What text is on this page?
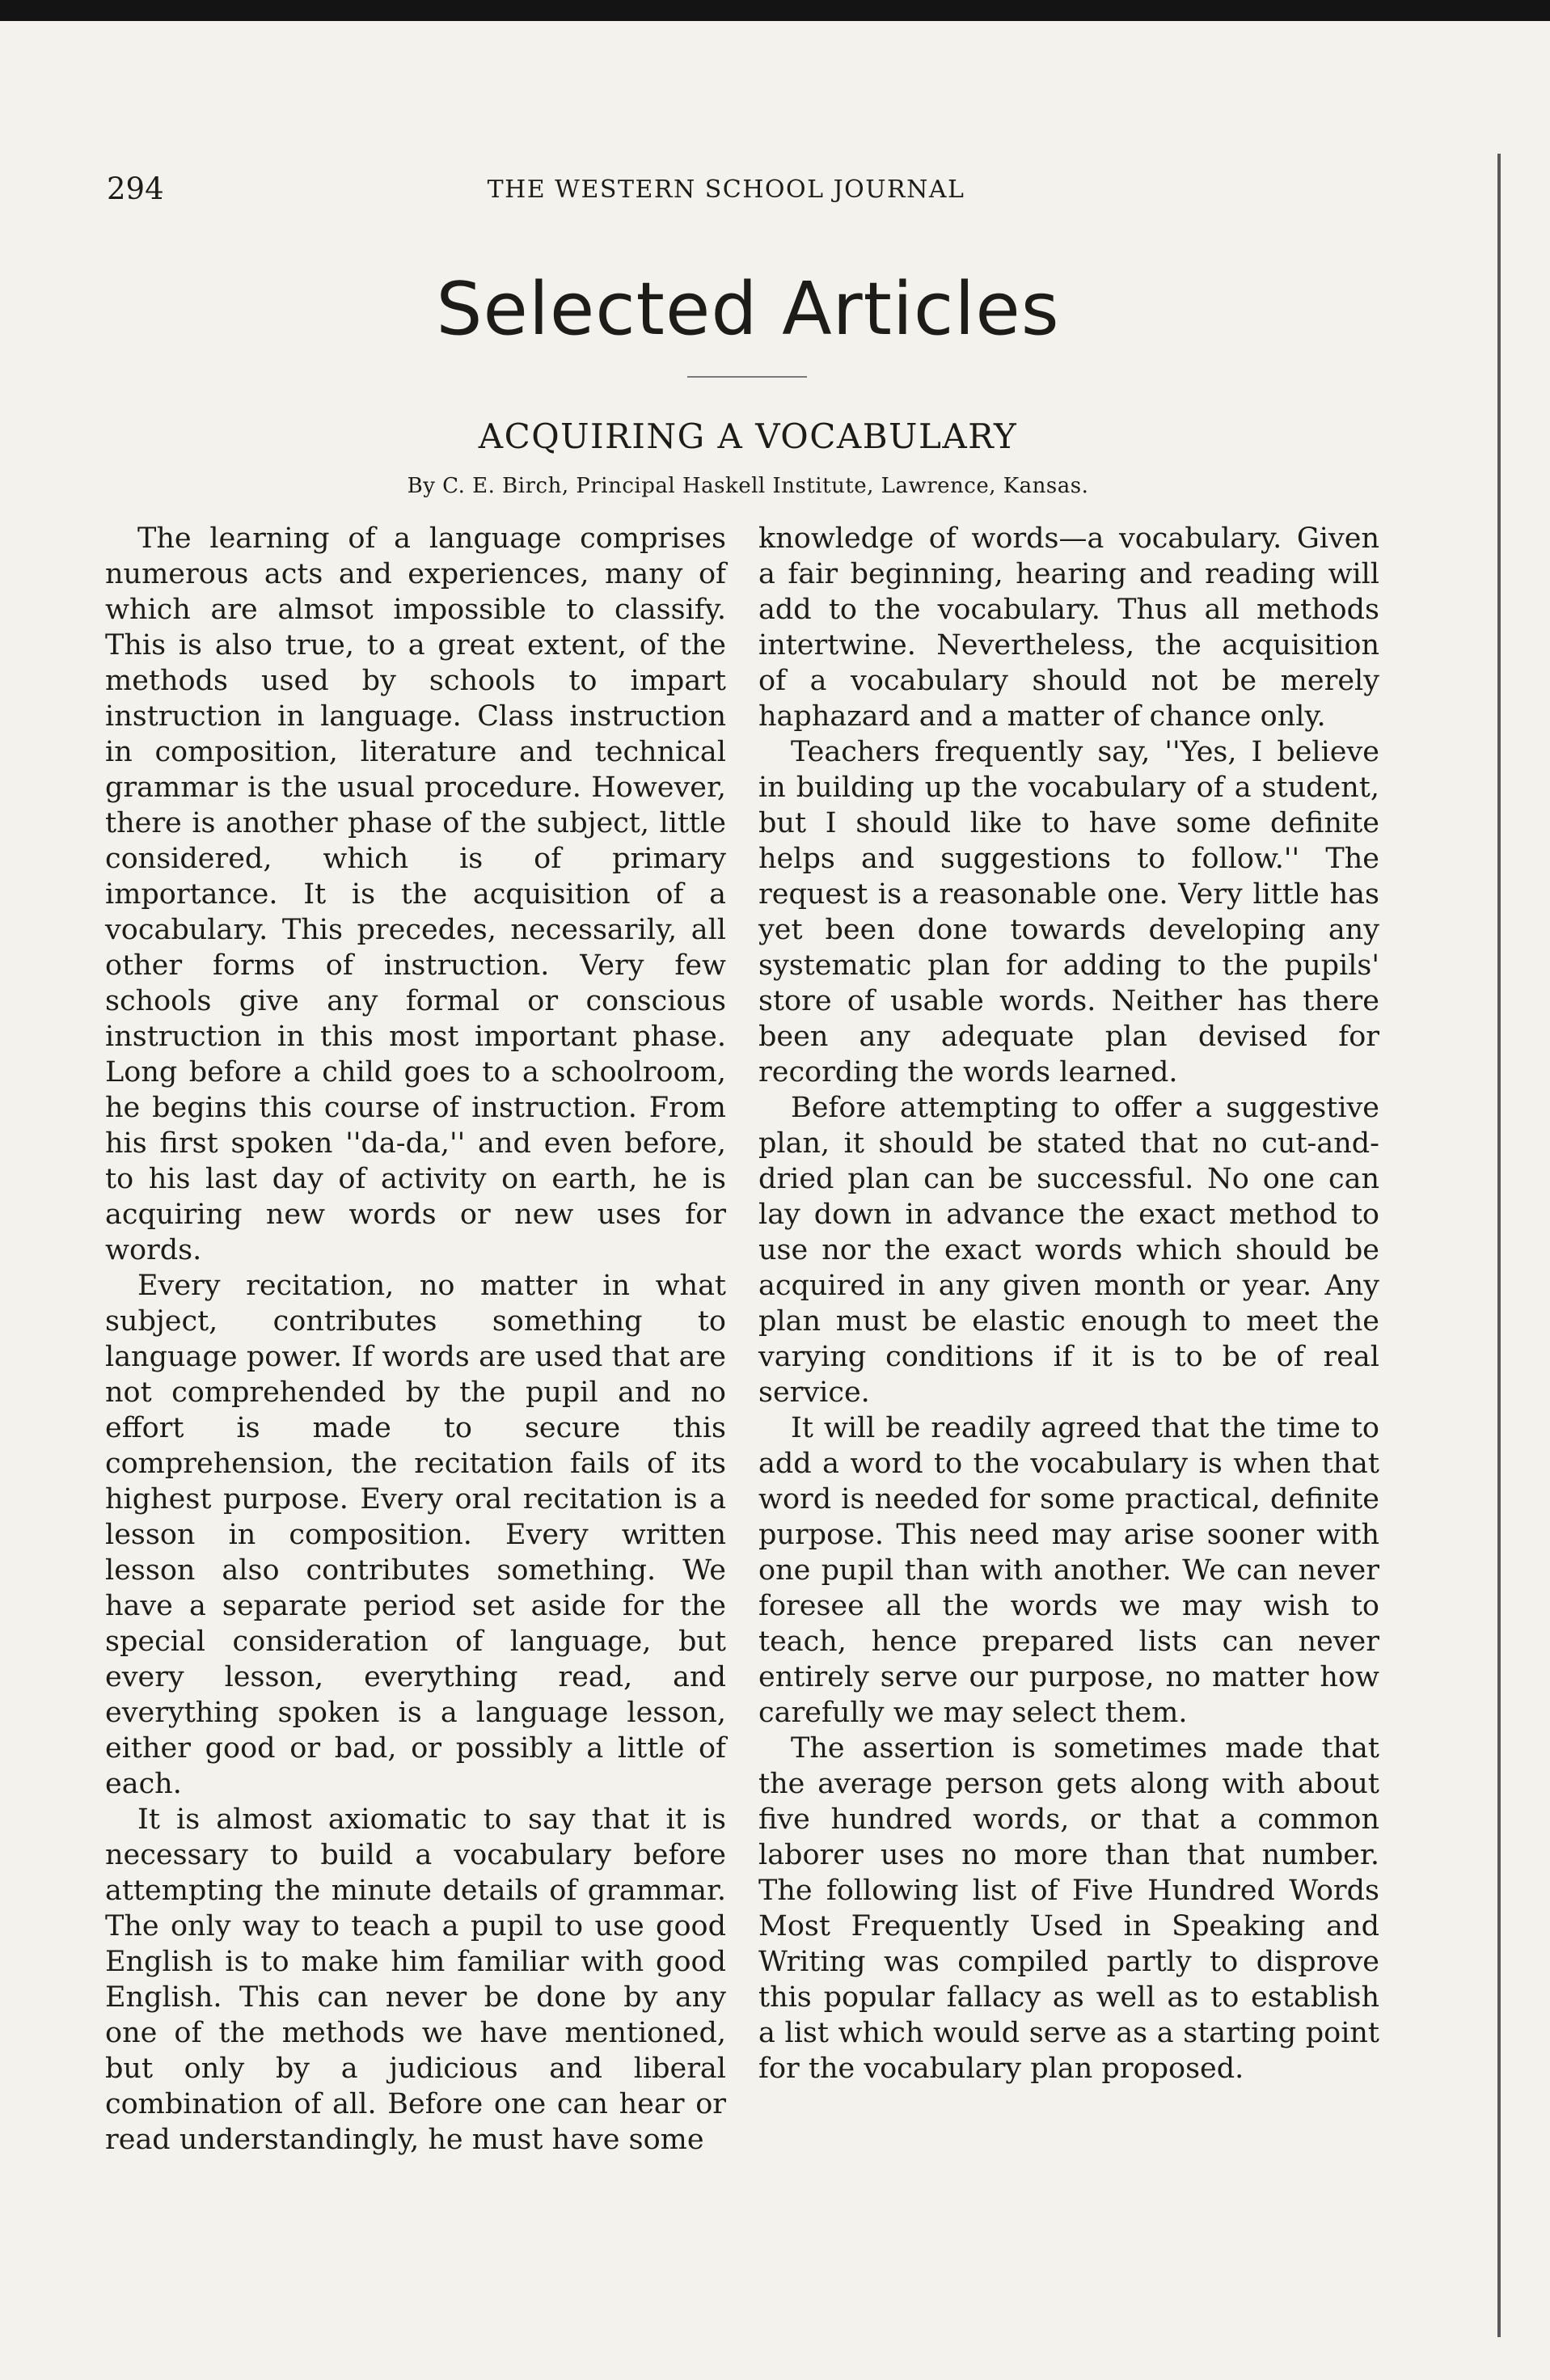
294	THE WESTERN SCHOOL JOURNAL
Selected Articles
ACQUIRING A VOCABULARY
By C. E. Birch, Principal Haskell Institute, Lawrence, Kansas.

The learning of a language comprises numerous acts and experiences, many of which are almsot impossible to classify. This is also true, to a great extent, of the methods used by schools to impart instruction in language. Class instruction in composition, literature and technical grammar is the usual procedure. However, there is another phase of the subject, little considered, which is of primary importance. It is the acquisition of a vocabulary. This precedes, necessarily, all other forms of instruction. Very few schools give any formal or conscious instruction in this most important phase. Long before a child goes to a schoolroom, he begins this course of instruction. From his first spoken ''da-da,'' and even before, to his last day of activity on earth, he is acquiring new words or new uses for words.

Every recitation, no matter in what subject, contributes something to language power. If words are used that are not comprehended by the pupil and no effort is made to secure this comprehension, the recitation fails of its highest purpose. Every oral recitation is a lesson in composition. Every written lesson also contributes something. We have a separate period set aside for the special consideration of language, but every lesson, everything read, and everything spoken is a language lesson, either good or bad, or possibly a little of each.

It is almost axiomatic to say that it is necessary to build a vocabulary before attempting the minute details of grammar. The only way to teach a pupil to use good English is to make him familiar with good English. This can never be done by any one of the methods we have mentioned, but only by a judicious and liberal combination of all. Before one can hear or read understandingly, he must have some

knowledge of words—a vocabulary. Given a fair beginning, hearing and reading will add to the vocabulary. Thus all methods intertwine. Nevertheless, the acquisition of a vocabulary should not be merely haphazard and a matter of chance only.

Teachers frequently say, ''Yes, I believe in building up the vocabulary of a student, but I should like to have some definite helps and suggestions to follow.'' The request is a reasonable one. Very little has yet been done towards developing any systematic plan for adding to the pupils' store of usable words. Neither has there been any adequate plan devised for recording the words learned.

Before attempting to offer a suggestive plan, it should be stated that no cut-and-dried plan can be successful. No one can lay down in advance the exact method to use nor the exact words which should be acquired in any given month or year. Any plan must be elastic enough to meet the varying conditions if it is to be of real service.

It will be readily agreed that the time to add a word to the vocabulary is when that word is needed for some practical, definite purpose. This need may arise sooner with one pupil than with another. We can never foresee all the words we may wish to teach, hence prepared lists can never entirely serve our purpose, no matter how carefully we may select them.

The assertion is sometimes made that the average person gets along with about five hundred words, or that a common laborer uses no more than that number. The following list of Five Hundred Words Most Frequently Used in Speaking and Writing was compiled partly to disprove this popular fallacy as well as to establish a list which would serve as a starting point for the vocabulary plan proposed.
